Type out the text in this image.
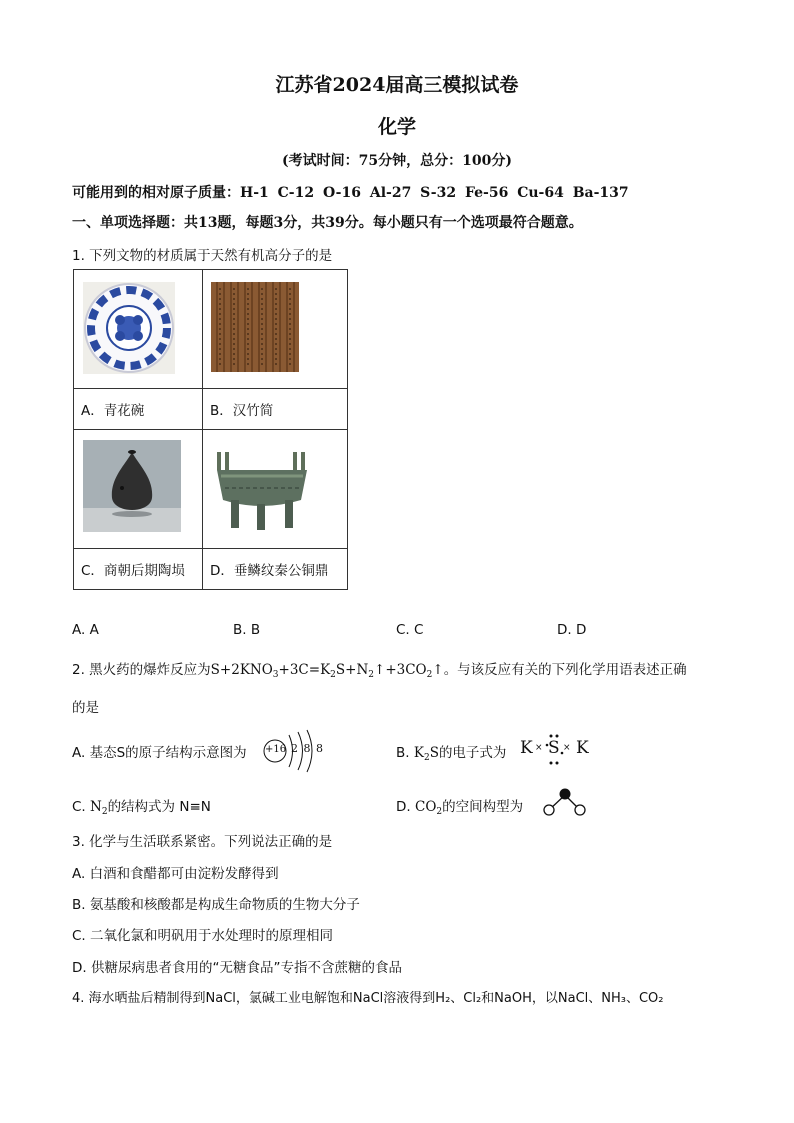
江苏省2024届高三模拟试卷
化学
(考试时间：75分钟，总分：100分)
可能用到的相对原子质量：H-1 C-12 O-16 Al-27 S-32 Fe-56 Cu-64 Ba-137
一、单项选择题：共13题，每题3分，共39分。每小题只有一个选项最符合题意。
1. 下列文物的材质属于天然有机高分子的是

A．青花碗	B．汉竹简

C．商朝后期陶埙	D．垂鳞纹秦公铜鼎
A. A	B. B	C. C	D. D
2. 黑火药的爆炸反应为$S+2KNO_3+3C=K_2S+N_2↑+3CO_2↑$。与该反应有关的下列化学用语表述正确
的是
A. 基态S的原子结构示意图为 +16 2 8 8	B. $K_2S$的电子式为 K × S × K
C. $N_2$的结构式为 N≡N	D. $CO_2$的空间构型为
3. 化学与生活联系紧密。下列说法正确的是
A. 白酒和食醋都可由淀粉发酵得到
B. 氨基酸和核酸都是构成生命物质的生物大分子
C. 二氧化氯和明矾用于水处理时的原理相同
D. 供糖尿病患者食用的“无糖食品”专指不含蔗糖的食品
4. 海水晒盐后精制得到NaCl，氯碱工业电解饱和NaCl溶液得到H₂、Cl₂和NaOH，以NaCl、NH₃、CO₂
